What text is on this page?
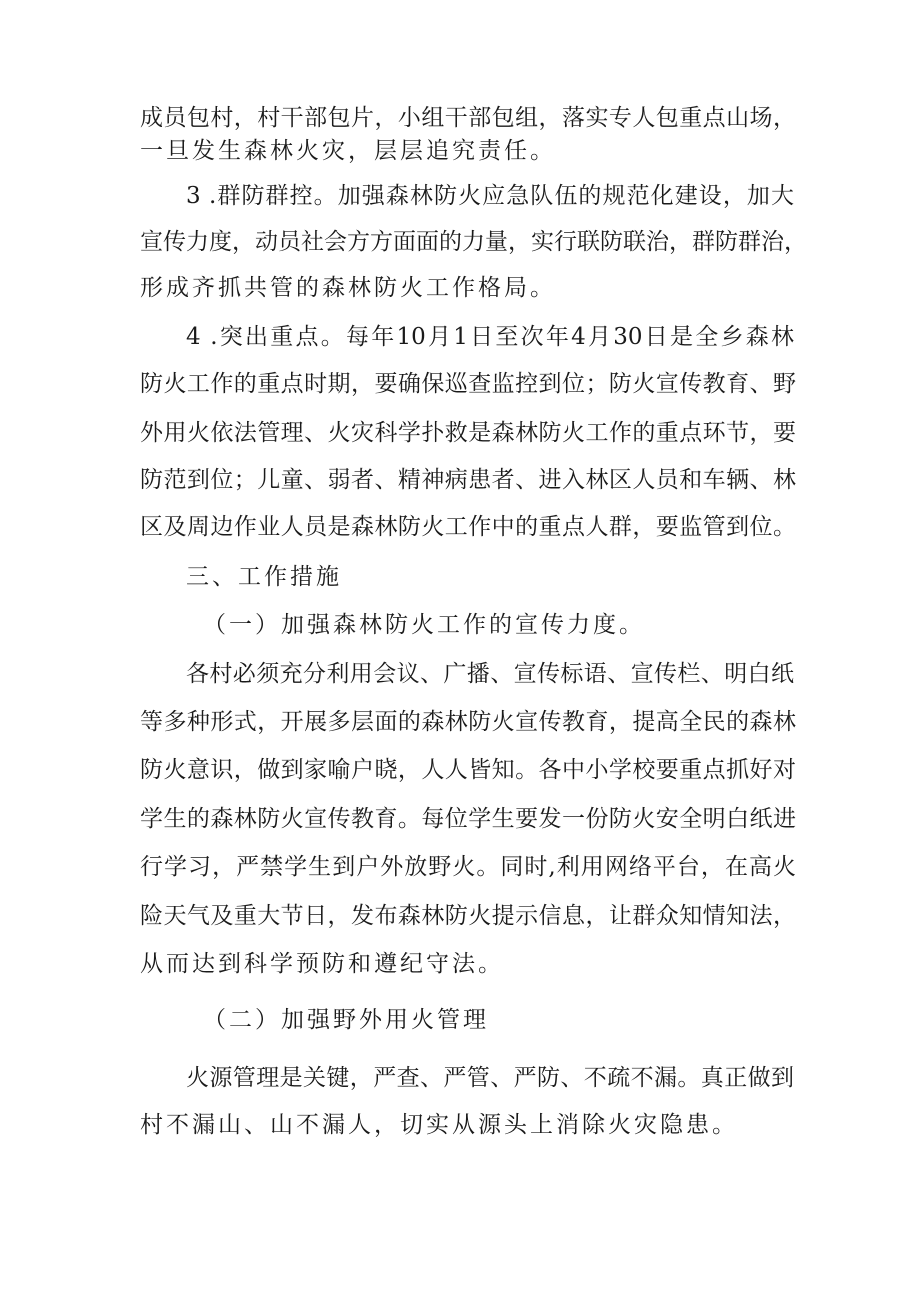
成员包村，村干部包片，小组干部包组，落实专人包重点山场，
一旦发生森林火灾，层层追究责任。
3 .群防群控。加强森林防火应急队伍的规范化建设，加大
宣传力度，动员社会方方面面的力量，实行联防联治，群防群治，
形成齐抓共管的森林防火工作格局。
4 .突出重点。每年10月1日至次年4月30日是全乡森林
防火工作的重点时期，要确保巡查监控到位；防火宣传教育、野
外用火依法管理、火灾科学扑救是森林防火工作的重点环节，要
防范到位；儿童、弱者、精神病患者、进入林区人员和车辆、林
区及周边作业人员是森林防火工作中的重点人群，要监管到位。
三、工作措施
（一）加强森林防火工作的宣传力度。
各村必须充分利用会议、广播、宣传标语、宣传栏、明白纸
等多种形式，开展多层面的森林防火宣传教育，提高全民的森林
防火意识，做到家喻户晓，人人皆知。各中小学校要重点抓好对
学生的森林防火宣传教育。每位学生要发一份防火安全明白纸进
行学习，严禁学生到户外放野火。同时,利用网络平台，在高火
险天气及重大节日，发布森林防火提示信息，让群众知情知法，
从而达到科学预防和遵纪守法。
（二）加强野外用火管理
火源管理是关键，严查、严管、严防、不疏不漏。真正做到
村不漏山、山不漏人，切实从源头上消除火灾隐患。
